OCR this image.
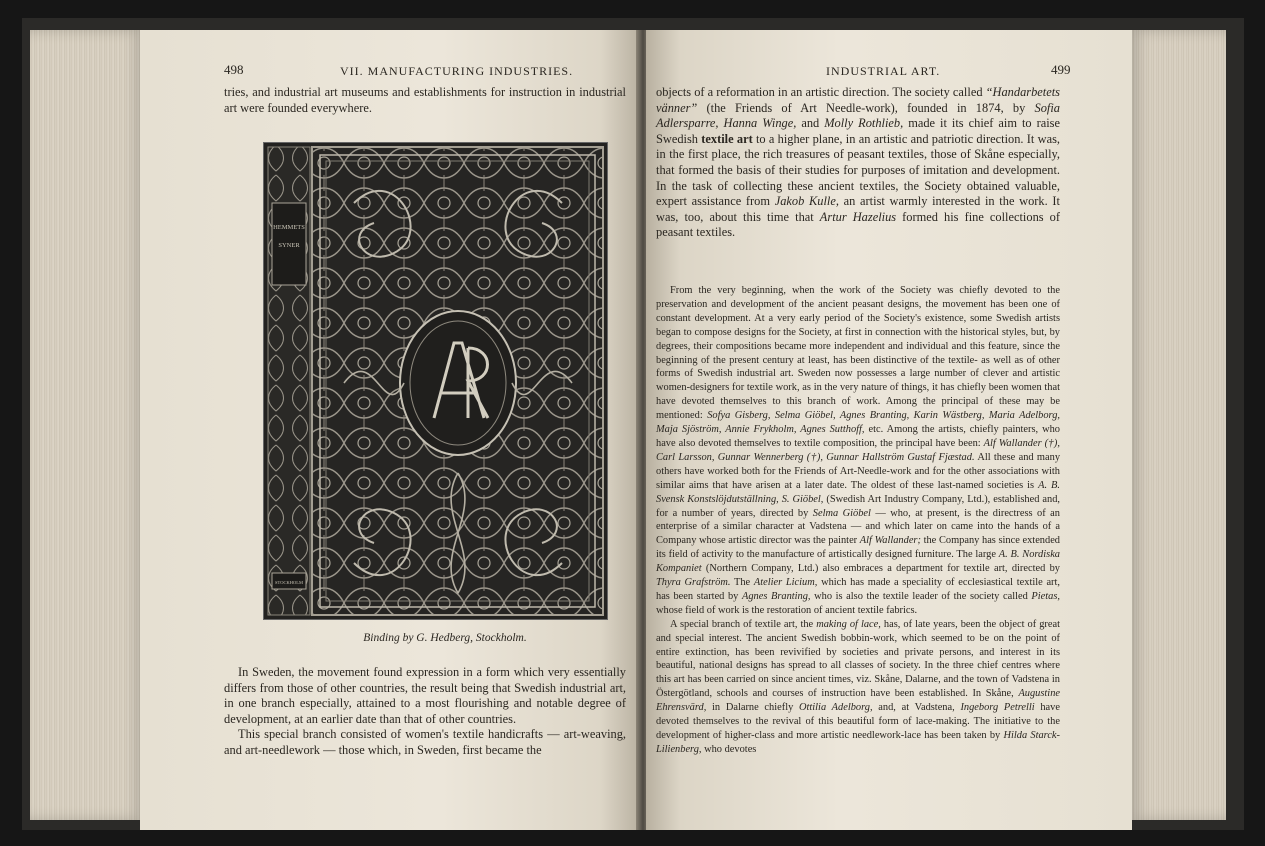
498	VII. MANUFACTURING INDUSTRIES.
tries, and industrial art museums and establishments for instruction in industrial art were founded everywhere.
HEMMETS
SYNER
STOCKHOLM
Binding by G. Hedberg, Stockholm.

In Sweden, the movement found expression in a form which very essentially differs from those of other countries, the result being that Swedish industrial art, in one branch especially, attained to a most flourishing and notable degree of development, at an earlier date than that of other countries.

This special branch consisted of women's textile handicrafts — art-weaving, and art-needlework — those which, in Sweden, first became the

INDUSTRIAL ART.	499
objects of a reformation in an artistic direction. The society called “Handarbetets vänner” (the Friends of Art Needle-work), founded in 1874, by Sofia Adlersparre, Hanna Winge, and Molly Rothlieb, made it its chief aim to raise Swedish textile art to a higher plane, in an artistic and patriotic direction. It was, in the first place, the rich treasures of peasant textiles, those of Skåne especially, that formed the basis of their studies for purposes of imitation and development. In the task of collecting these ancient textiles, the Society obtained valuable, expert assistance from Jakob Kulle, an artist warmly interested in the work. It was, too, about this time that Artur Hazelius formed his fine collections of peasant textiles.

From the very beginning, when the work of the Society was chiefly devoted to the preservation and development of the ancient peasant designs, the movement has been one of constant development. At a very early period of the Society's existence, some Swedish artists began to compose designs for the Society, at first in connection with the historical styles, but, by degrees, their compositions became more independent and individual and this feature, since the beginning of the present century at least, has been distinctive of the textile- as well as of other forms of Swedish industrial art. Sweden now possesses a large number of clever and artistic women-designers for textile work, as in the very nature of things, it has chiefly been women that have devoted themselves to this branch of work. Among the principal of these may be mentioned: Sofya Gisberg, Selma Giöbel, Agnes Branting, Karin Wästberg, Maria Adelborg, Maja Sjöström, Annie Frykholm, Agnes Sutthoff, etc. Among the artists, chiefly painters, who have also devoted themselves to textile composition, the principal have been: Alf Wallander (†), Carl Larsson, Gunnar Wennerberg (†), Gunnar Hallström Gustaf Fjæstad. All these and many others have worked both for the Friends of Art-Needle-work and for the other associations with similar aims that have arisen at a later date. The oldest of these last-named societies is A. B. Svensk Konstslöjdutställning, S. Giöbel, (Swedish Art Industry Company, Ltd.), established and, for a number of years, directed by Selma Giöbel — who, at present, is the directress of an enterprise of a similar character at Vadstena — and which later on came into the hands of a Company whose artistic director was the painter Alf Wallander; the Company has since extended its field of activity to the manufacture of artistically designed furniture. The large A. B. Nordiska Kompaniet (Northern Company, Ltd.) also embraces a department for textile art, directed by Thyra Grafström. The Atelier Licium, which has made a speciality of ecclesiastical textile art, has been started by Agnes Branting, who is also the textile leader of the society called Pietas, whose field of work is the restoration of ancient textile fabrics.

A special branch of textile art, the making of lace, has, of late years, been the object of great and special interest. The ancient Swedish bobbin-work, which seemed to be on the point of entire extinction, has been revivified by societies and private persons, and interest in its beautiful, national designs has spread to all classes of society. In the three chief centres where this art has been carried on since ancient times, viz. Skåne, Dalarne, and the town of Vadstena in Östergötland, schools and courses of instruction have been established. In Skåne, Augustine Ehrensvärd, in Dalarne chiefly Ottilia Adelborg, and, at Vadstena, Ingeborg Petrelli have devoted themselves to the revival of this beautiful form of lace-making. The initiative to the development of higher-class and more artistic needlework-lace has been taken by Hilda Starck-Lilienberg, who devotes
